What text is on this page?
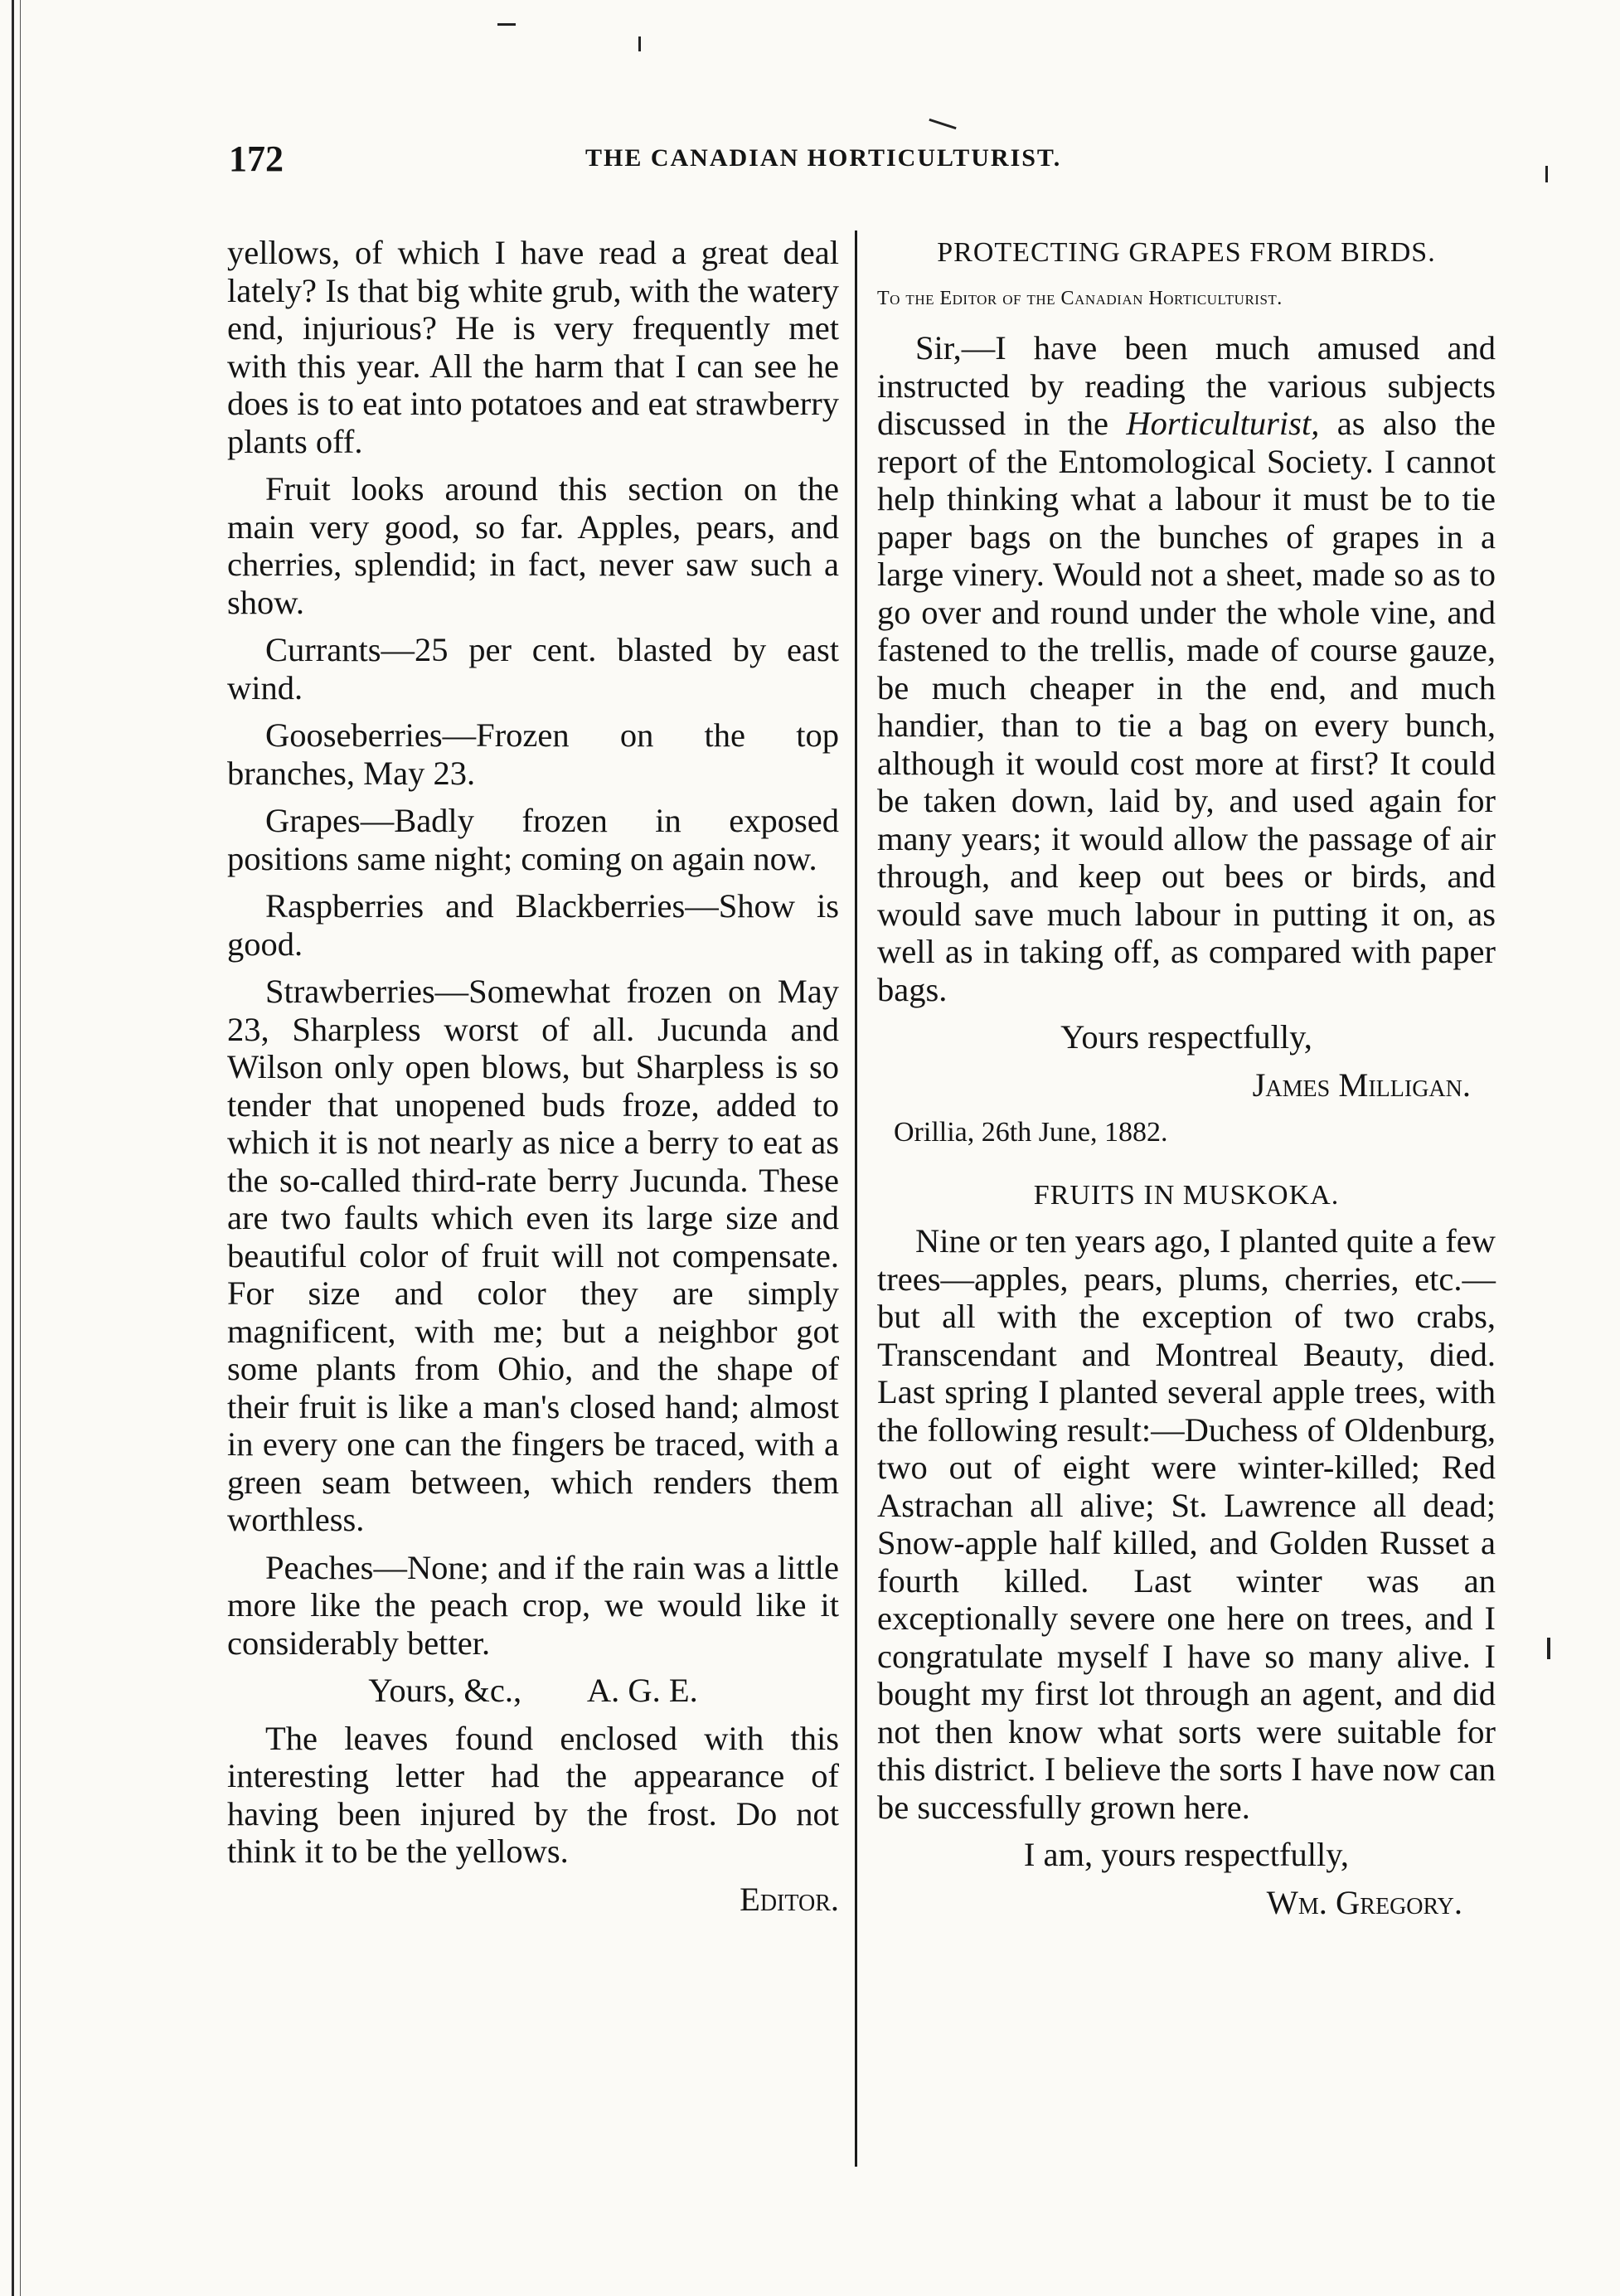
172	THE CANADIAN HORTICULTURIST.

yellows, of which I have read a great deal lately? Is that big white grub, with the watery end, injurious? He is very frequently met with this year. All the harm that I can see he does is to eat into potatoes and eat strawberry plants off.

Fruit looks around this section on the main very good, so far. Apples, pears, and cherries, splendid; in fact, never saw such a show.

Currants—25 per cent. blasted by east wind.

Gooseberries—Frozen on the top branches, May 23.

Grapes—Badly frozen in exposed positions same night; coming on again now.

Raspberries and Blackberries—Show is good.

Strawberries—Somewhat frozen on May 23, Sharpless worst of all. Jucunda and Wilson only open blows, but Sharpless is so tender that unopened buds froze, added to which it is not nearly as nice a berry to eat as the so-called third-rate berry Jucunda. These are two faults which even its large size and beautiful color of fruit will not compensate. For size and color they are simply magnificent, with me; but a neighbor got some plants from Ohio, and the shape of their fruit is like a man's closed hand; almost in every one can the fingers be traced, with a green seam between, which renders them worthless.

Peaches—None; and if the rain was a little more like the peach crop, we would like it considerably better.

Yours, &c.,        A. G. E.

The leaves found enclosed with this interesting letter had the appearance of having been injured by the frost. Do not think it to be the yellows.

Editor.

PROTECTING GRAPES FROM BIRDS.

To the Editor of the Canadian Horticulturist.

Sir,—I have been much amused and instructed by reading the various subjects discussed in the Horticulturist, as also the report of the Entomological Society. I cannot help thinking what a labour it must be to tie paper bags on the bunches of grapes in a large vinery. Would not a sheet, made so as to go over and round under the whole vine, and fastened to the trellis, made of course gauze, be much cheaper in the end, and much handier, than to tie a bag on every bunch, although it would cost more at first? It could be taken down, laid by, and used again for many years; it would allow the passage of air through, and keep out bees or birds, and would save much labour in putting it on, as well as in taking off, as compared with paper bags.

Yours respectfully,

James Milligan.

Orillia, 26th June, 1882.

FRUITS IN MUSKOKA.

Nine or ten years ago, I planted quite a few trees—apples, pears, plums, cherries, etc.—but all with the exception of two crabs, Transcendant and Montreal Beauty, died. Last spring I planted several apple trees, with the following result:—Duchess of Oldenburg, two out of eight were winter-killed; Red Astrachan all alive; St. Lawrence all dead; Snow-apple half killed, and Golden Russet a fourth killed. Last winter was an exceptionally severe one here on trees, and I congratulate myself I have so many alive. I bought my first lot through an agent, and did not then know what sorts were suitable for this district. I believe the sorts I have now can be successfully grown here.

I am, yours respectfully,

Wm. Gregory.
